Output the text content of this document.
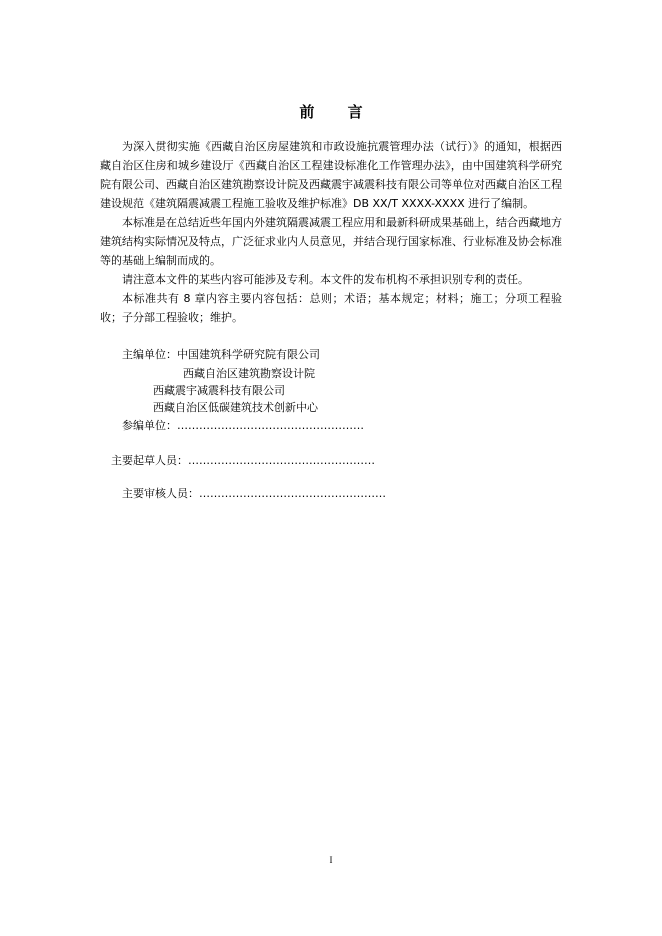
前 言

为深入贯彻实施《西藏自治区房屋建筑和市政设施抗震管理办法（试行）》的通知，根据西藏自治区住房和城乡建设厅《西藏自治区工程建设标准化工作管理办法》，由中国建筑科学研究院有限公司、西藏自治区建筑勘察设计院及西藏震宇减震科技有限公司等单位对西藏自治区工程建设规范《建筑隔震减震工程施工验收及维护标准》DB XX/T XXXX-XXXX 进行了编制。

本标准是在总结近些年国内外建筑隔震减震工程应用和最新科研成果基础上，结合西藏地方建筑结构实际情况及特点，广泛征求业内人员意见，并结合现行国家标准、行业标准及协会标准等的基础上编制而成的。

请注意本文件的某些内容可能涉及专利。本文件的发布机构不承担识别专利的责任。

本标准共有 8 章内容主要内容包括：总则；术语；基本规定；材料；施工；分项工程验收；子分部工程验收；维护。

主编单位：中国建筑科学研究院有限公司
西藏自治区建筑勘察设计院
西藏震宇减震科技有限公司
西藏自治区低碳建筑技术创新中心
参编单位：……………………………………………
主要起草人员：……………………………………………
主要审核人员：……………………………………………
I
